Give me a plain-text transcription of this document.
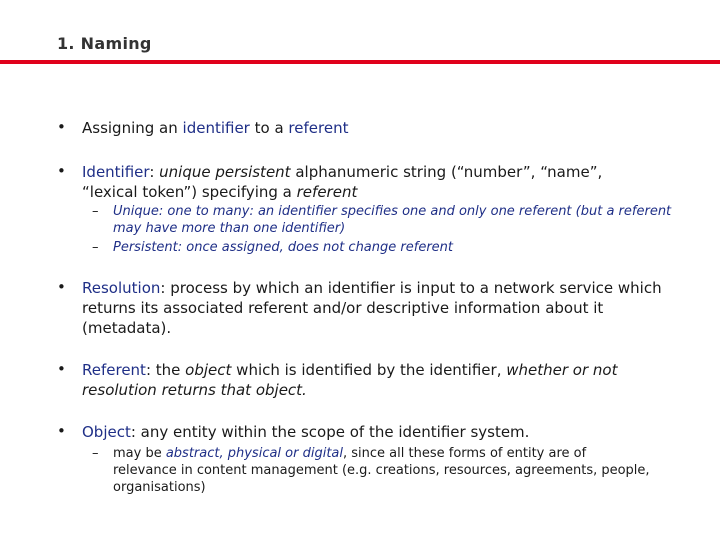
1. Naming
• Assigning an identifier to a referent
• Identifier: unique persistent alphanumeric string (“number”, “name”, “lexical token”) specifying a referent
– Unique: one to many: an identifier specifies one and only one referent (but a referent may have more than one identifier)
– Persistent: once assigned, does not change referent
• Resolution: process by which an identifier is input to a network service which returns its associated referent and/or descriptive information about it (metadata).
• Referent: the object which is identified by the identifier, whether or not resolution returns that object.
• Object: any entity within the scope of the identifier system.
– may be abstract, physical or digital, since all these forms of entity are of relevance in content management (e.g. creations, resources, agreements, people, organisations)
